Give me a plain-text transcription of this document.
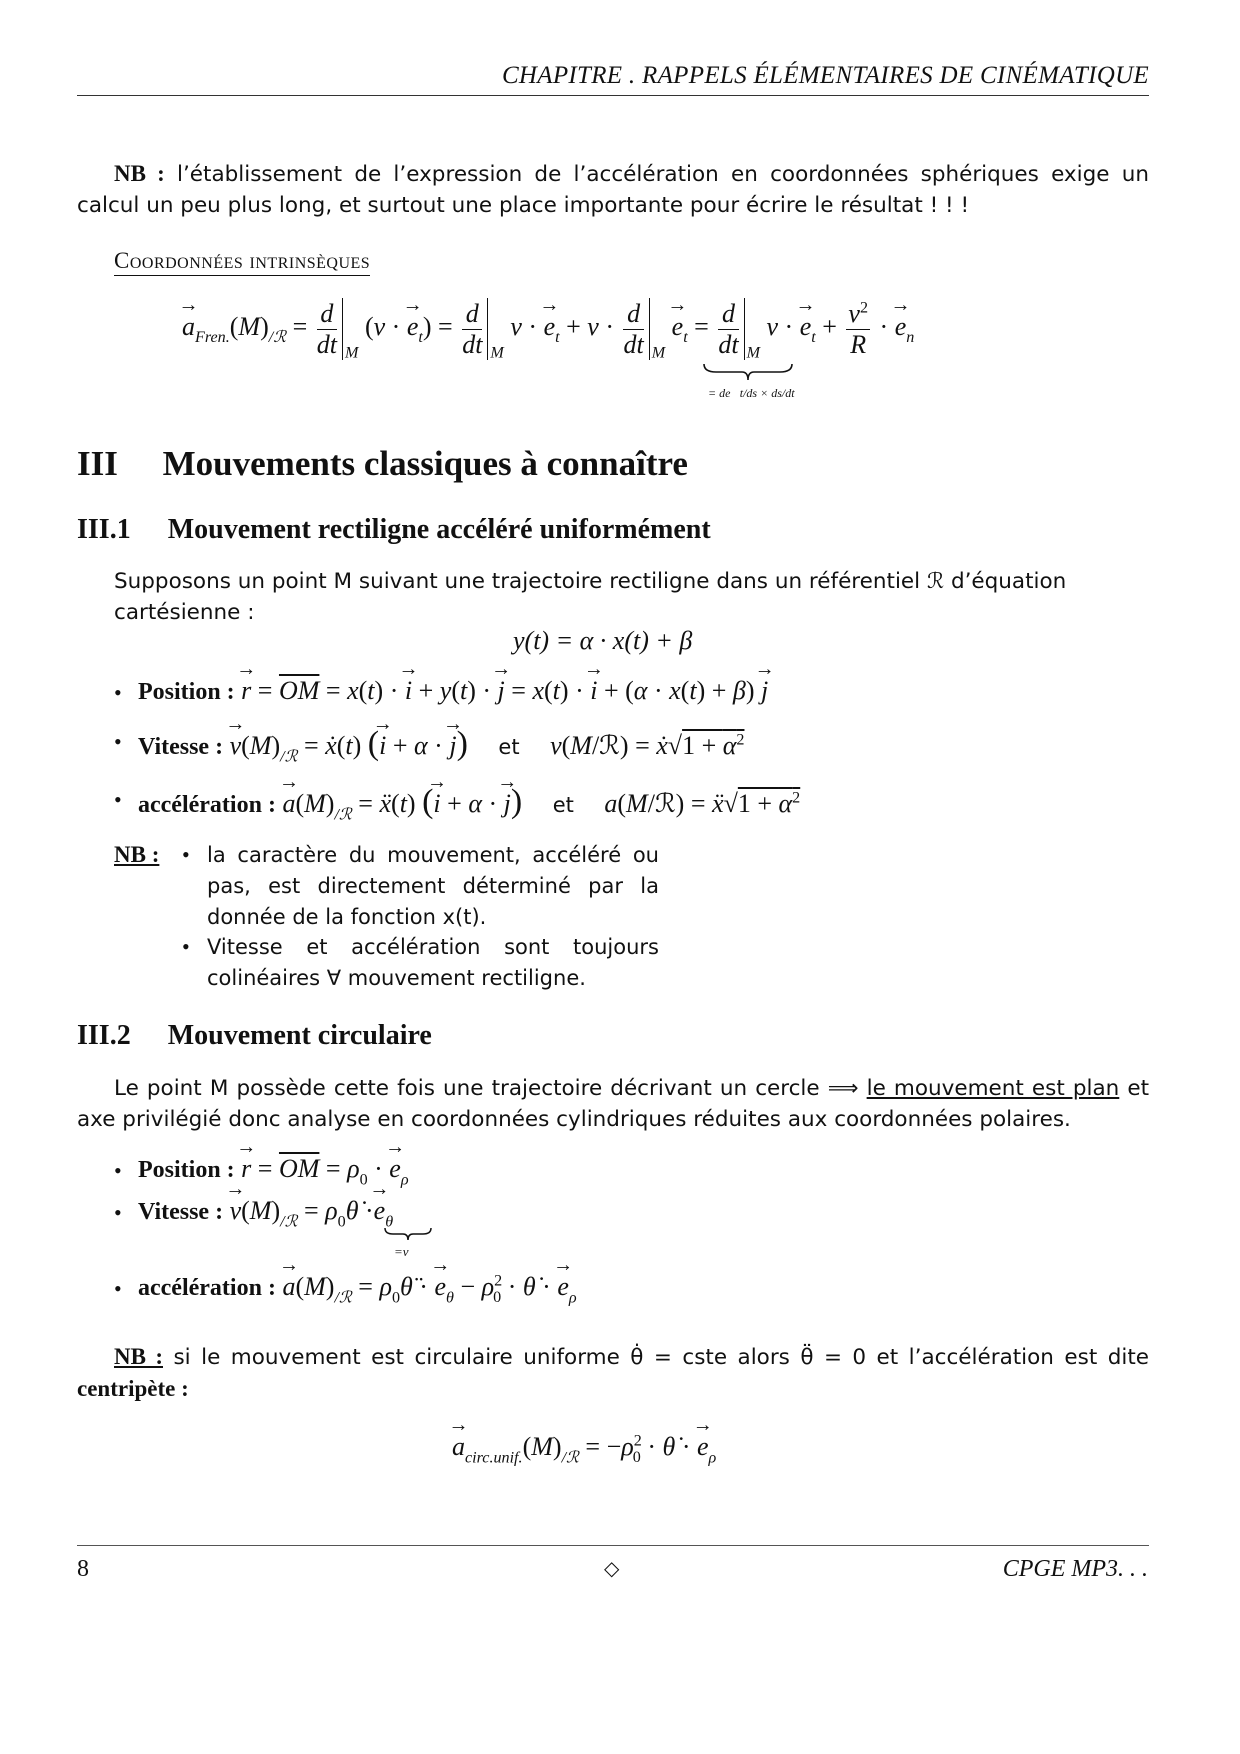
CHAPITRE . RAPPELS ÉLÉMENTAIRES DE CINÉMATIQUE
NB : l’établissement de l’expression de l’accélération en coordonnées sphériques exige un calcul un peu plus long, et surtout une place importante pour écrire le résultat ! ! !
Coordonnées intrinsèques
→ $a_{Fren.}(M)_{/ℛ} = \frac{d}{dt} _M$ (v · → $e_t) = \frac{d}{dt} _M$ v · → $e_t + v \cdot \frac{d}{dt} _M \to e_t = \frac{d}{dt} _M$ v · → $e_t + \frac{v^2}{R}$ · → $e_n$
= de⃗t/ds × ds/dt
III Mouvements classiques à connaître
III.1 Mouvement rectiligne accéléré uniformément
Supposons un point M suivant une trajectoire rectiligne dans un référentiel ℛ d’équation cartésienne :
y(t) = α · x(t) + β
• Position : → $r = \overline{OM} = x(t)$ · → i + y(t) · → j = x(t) · → i + (α · x(t) + β) → j
• Vitesse : → $v(M)_{/ℛ}$ = ẋ(t) (→ i + α · → j) et v(M/ℛ) = ẋ√1 + $\alpha^2$
• accélération : → $a(M)_{/ℛ}$ = ẍ(t) (→ i + α · → j) et a(M/ℛ) = ẍ√1 + $\alpha^2$
NB : • la caractère du mouvement, accéléré ou pas, est directement déterminé par la donnée de la fonction x(t).
• Vitesse et accélération sont toujours colinéaires ∀ mouvement rectiligne.
III.2 Mouvement circulaire
Le point M possède cette fois une trajectoire décrivant un cercle ⟹ le mouvement est plan et axe privilégié donc analyse en coordonnées cylindriques réduites aux coordonnées polaires.
• Position : → $r = \overline{OM} = \rho_0$ · → $e_\rho$
• Vitesse : → $v(M)_{/ℛ}$ = $\rho_0\thetȧ \cdot\to e_\theta$
=v
• accélération : → $a(M)_{/ℛ}$ = $\rho_0\thetä$ · → $e_\theta - \rho^2_0$ · θ̇ · → $e_\rho$
NB : si le mouvement est circulaire uniforme θ̇ = cste alors θ̈ = 0 et l’accélération est dite centripète :
→ $a_{circ.unif.}(M)_{/ℛ} = -\rho^2_0$ · θ̇ · → $e_\rho$
8	◇	CPGE MP3. . .
